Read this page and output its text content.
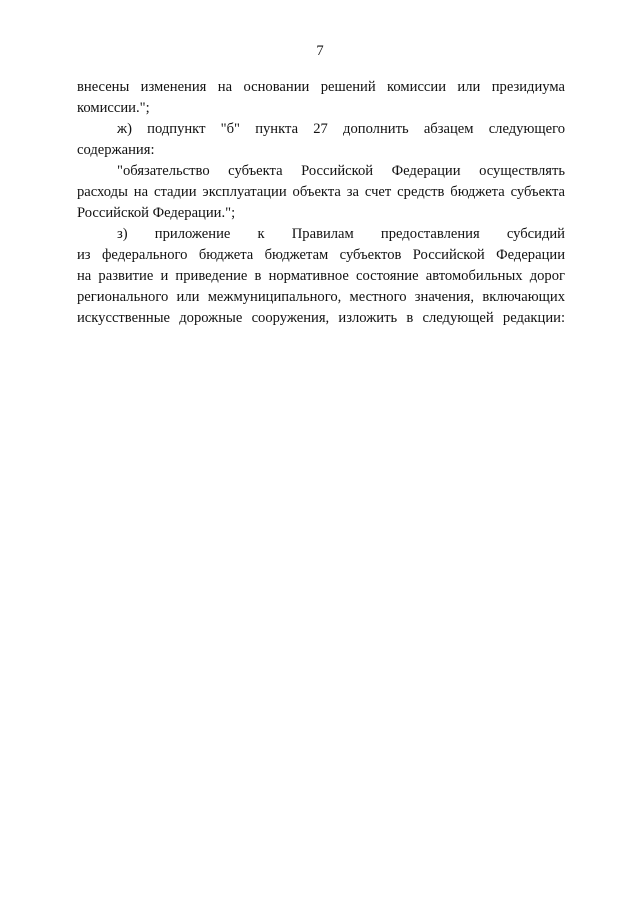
7
внесены изменения на основании решений комиссии или президиума
комиссии.";
ж) подпункт "б" пункта 27 дополнить абзацем следующего
содержания:
"обязательство субъекта Российской Федерации осуществлять
расходы на стадии эксплуатации объекта за счет средств бюджета субъекта
Российской Федерации.";
з) приложение к Правилам предоставления субсидий
из федерального бюджета бюджетам субъектов Российской Федерации
на развитие и приведение в нормативное состояние автомобильных дорог
регионального или межмуниципального, местного значения, включающих
искусственные дорожные сооружения, изложить в следующей редакции:
